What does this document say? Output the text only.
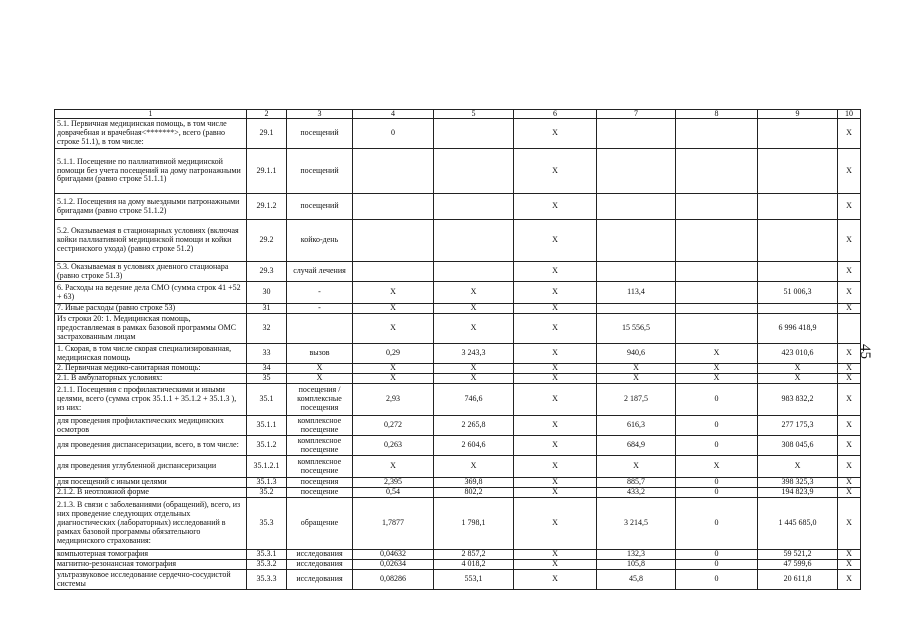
1	2	3	4	5	6	7	8	9	10
5.1. Первичная медицинская помощь, в том числе доврачебная и врачебная<*******>, всего (равно строке 51.1), в том числе:	29.1	посещений	0		X				X
5.1.1. Посещение по паллиативной медицинской помощи без учета посещений на дому патронажными бригадами (равно строке 51.1.1)	29.1.1	посещений			X				X
5.1.2. Посещения на дому выездными патронажными бригадами (равно строке 51.1.2)	29.1.2	посещений			X				X
5.2. Оказываемая в стационарных условиях (включая койки паллиативной медицинской помощи и койки сестринского ухода) (равно строке 51.2)	29.2	койко-день			X				X
5.3. Оказываемая в условиях дневного стационара (равно строке 51.3)	29.3	случай лечения			X				X
6. Расходы на ведение дела СМО (сумма строк 41 +52 + 63)	30	-	X	X	X	113,4		51 006,3	X
7. Иные расходы (равно строке 53)	31	-	X	X	X				X
Из строки 20: 1. Медицинская помощь, предоставляемая в рамках базовой программы ОМС застрахованным лицам	32		X	X	X	15 556,5		6 996 418,9	
1. Скорая, в том числе скорая специализированная, медицинская помощь	33	вызов	0,29	3 243,3	X	940,6	X	423 010,6	X
2. Первичная медико-санитарная помощь:	34	X	X	X	X	X	X	X	X
2.1. В амбулаторных условиях:	35	X	X	X	X	X	X	X	X
2.1.1. Посещения с профилактическими и иными целями, всего (сумма строк 35.1.1 + 35.1.2 + 35.1.3 ), из них:	35.1	посещения / комплексные посещения	2,93	746,6	X	2 187,5	0	983 832,2	X
для проведения профилактических медицинских осмотров	35.1.1	комплексное посещение	0,272	2 265,8	X	616,3	0	277 175,3	X
для проведения диспансеризации, всего, в том числе:	35.1.2	комплексное посещение	0,263	2 604,6	X	684,9	0	308 045,6	X
для проведения углубленной диспансеризации	35.1.2.1	комплексное посещение	X	X	X	X	X	X	X
для посещений с иными целями	35.1.3	посещения	2,395	369,8	X	885,7	0	398 325,3	X
2.1.2. В неотложной форме	35.2	посещение	0,54	802,2	X	433,2	0	194 823,9	X
2.1.3. В связи с заболеваниями (обращений), всего, из них проведение следующих отдельных диагностических (лабораторных) исследований в рамках базовой программы обязательного медицинского страхования:	35.3	обращение	1,7877	1 798,1	X	3 214,5	0	1 445 685,0	X
компьютерная томография	35.3.1	исследования	0,04632	2 857,2	X	132,3	0	59 521,2	X
магнитно-резонансная томография	35.3.2	исследования	0,02634	4 018,2	X	105,8	0	47 599,6	X
ультразвуковое исследование сердечно-сосудистой системы	35.3.3	исследования	0,08286	553,1	X	45,8	0	20 611,8	X
45
